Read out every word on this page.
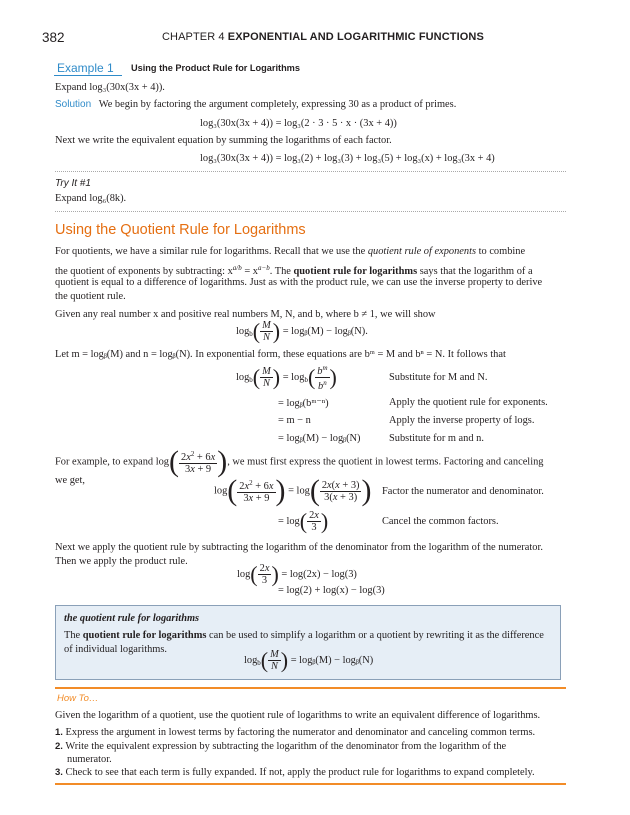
382	CHAPTER 4 EXPONENTIAL AND LOGARITHMIC FUNCTIONS
Example 1 Using the Product Rule for Logarithms
Expand log₃(30x(3x + 4)).
Solution We begin by factoring the argument completely, expressing 30 as a product of primes.
log₃(30x(3x + 4)) = log₃(2 · 3 · 5 · x · (3x + 4))
Next we write the equivalent equation by summing the logarithms of each factor.
log₃(30x(3x + 4)) = log₃(2) + log₃(3) + log₃(5) + log₃(x) + log₃(3x + 4)
Try It #1
Expand log₆(8k).
Using the Quotient Rule for Logarithms
For quotients, we have a similar rule for logarithms. Recall that we use the quotient rule of exponents to combine
the quotient of exponents by subtracting: $x^{a/b} = x^{a-b}$. The quotient rule for logarithms says that the logarithm of a
quotient is equal to a difference of logarithms. Just as with the product rule, we can use the inverse property to derive
the quotient rule.
Given any real number x and positive real numbers M, N, and b, where b ≠ 1, we will show
$\log_b( \frac{M}{N}$ ) = logᵦ(M) − logᵦ(N).
Let m = logᵦ(M) and n = logᵦ(N). In exponential form, these equations are bᵐ = M and bⁿ = N. It follows that
$\log_b( \frac{M}{N}$ ) = $\log_b( \frac{b^m}{b^n}$ )	Substitute for M and N.
= logᵦ(bᵐ⁻ⁿ)	Apply the quotient rule for exponents.
= m − n	Apply the inverse property of logs.
= logᵦ(M) − logᵦ(N)	Substitute for m and n.
For example, to expand $\log( \frac{2x^2 + 6x}{3x + 9}$ ), we must first express the quotient in lowest terms. Factoring and canceling
we get,
$\log( \frac{2x^2 + 6x}{3x + 9}$ ) = $\log( \frac{2x(x + 3)}{3(x + 3)}$ ) Factor the numerator and denominator.
= $\log( \frac{2x}{3}$ )	Cancel the common factors.
Next we apply the quotient rule by subtracting the logarithm of the denominator from the logarithm of the numerator.
Then we apply the product rule.
$\log( \frac{2x}{3}$ ) = log(2x) − log(3)
= log(2) + log(x) − log(3)
the quotient rule for logarithms
The quotient rule for logarithms can be used to simplify a logarithm or a quotient by rewriting it as the difference
of individual logarithms.
$\log_b( \frac{M}{N}$ ) = logᵦ(M) − logᵦ(N)
How To…
Given the logarithm of a quotient, use the quotient rule of logarithms to write an equivalent difference of logarithms.
1. Express the argument in lowest terms by factoring the numerator and denominator and canceling common terms.
2. Write the equivalent expression by subtracting the logarithm of the denominator from the logarithm of the
numerator.
3. Check to see that each term is fully expanded. If not, apply the product rule for logarithms to expand completely.
